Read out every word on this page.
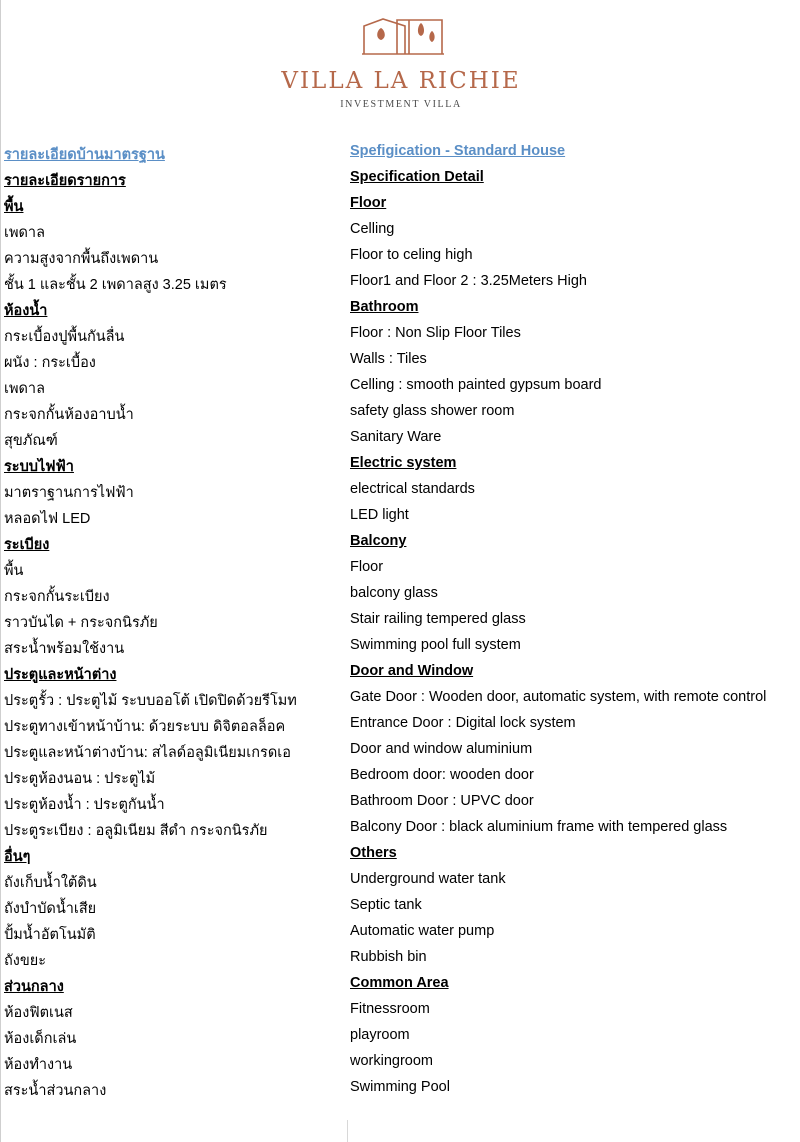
VILLA LA RICHIE
INVESTMENT VILLA
รายละเอียดบ้านมาตรฐาน	Spefigication - Standard House
รายละเอียดรายการ	Specification Detail
พื้น	Floor
เพดาล	Celling
ความสูงจากพื้นถึงเพดาน	Floor to celing high
ชั้น 1 และชั้น 2 เพดาลสูง 3.25 เมตร	Floor1 and Floor 2 : 3.25Meters High
ห้องน้ำ	Bathroom
กระเบื้องปูพื้นกันลื่น	Floor : Non Slip Floor Tiles
ผนัง : กระเบื้อง	Walls : Tiles
เพดาล	Celling : smooth painted gypsum board
กระจกกั้นห้องอาบน้ำ	safety glass shower room
สุขภัณฑ์	Sanitary Ware
ระบบไฟฟ้า	Electric system
มาตราฐานการไฟฟ้า	electrical standards
หลอดไฟ LED	LED light
ระเบียง	Balcony
พื้น	Floor
กระจกกั้นระเบียง	balcony glass
ราวบันได + กระจกนิรภัย	Stair railing tempered glass
สระน้ำพร้อมใช้งาน	Swimming pool full system
ประตูและหน้าต่าง	Door and Window
ประตูรั้ว : ประตูไม้ ระบบออโต้ เปิดปิดด้วยรีโมท	Gate Door : Wooden door, automatic system, with remote control
ประตูทางเข้าหน้าบ้าน: ด้วยระบบ ดิจิตอลล็อค	Entrance Door : Digital lock system
ประตูและหน้าต่างบ้าน: สไลด์อลูมิเนียมเกรดเอ	Door and window aluminium
ประตูห้องนอน : ประตูไม้	Bedroom door: wooden door
ประตูห้องน้ำ : ประตูกันน้ำ	Bathroom Door : UPVC door
ประตูระเบียง : อลูมิเนียม สีดำ กระจกนิรภัย	Balcony Door : black aluminium frame with tempered glass
อื่นๆ	Others
ถังเก็บน้ำใต้ดิน	Underground water tank
ถังบำบัดน้ำเสีย	Septic tank
ปั้มน้ำอัตโนมัติ	Automatic water pump
ถังขยะ	Rubbish bin
ส่วนกลาง	Common Area
ห้องฟิตเนส	Fitnessroom
ห้องเด็กเล่น	playroom
ห้องทำงาน	workingroom
สระน้ำส่วนกลาง	Swimming Pool
